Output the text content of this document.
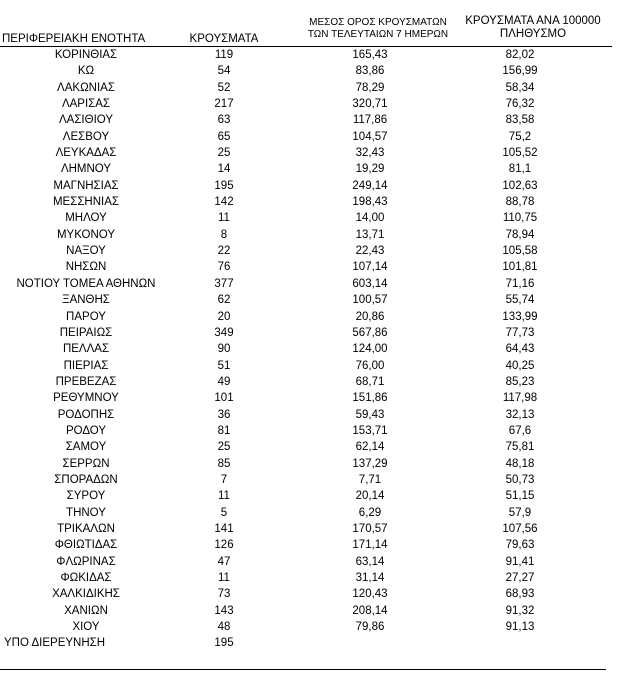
ΠΕΡΙΦΕΡΕΙΑΚΗ ΕΝΟΤΗΤΑ	ΚΡΟΥΣΜΑΤΑ
ΜΕΣΟΣ ΟΡΟΣ ΚΡΟΥΣΜΑΤΩΝ
ΤΩΝ ΤΕΛΕΥΤΑΙΩΝ 7 ΗΜΕΡΩΝ
ΚΡΟΥΣΜΑΤΑ ΑΝΑ 100000
ΠΛΗΘΥΣΜΟ
ΚΟΡΙΝΘΙΑΣ	119	165,43	82,02
ΚΩ	54	83,86	156,99
ΛΑΚΩΝΙΑΣ	52	78,29	58,34
ΛΑΡΙΣΑΣ	217	320,71	76,32
ΛΑΣΙΘΙΟΥ	63	117,86	83,58
ΛΕΣΒΟΥ	65	104,57	75,2
ΛΕΥΚΑΔΑΣ	25	32,43	105,52
ΛΗΜΝΟΥ	14	19,29	81,1
ΜΑΓΝΗΣΙΑΣ	195	249,14	102,63
ΜΕΣΣΗΝΙΑΣ	142	198,43	88,78
ΜΗΛΟΥ	11	14,00	110,75
ΜΥΚΟΝΟΥ	8	13,71	78,94
ΝΑΞΟΥ	22	22,43	105,58
ΝΗΣΩΝ	76	107,14	101,81
ΝΟΤΙΟΥ ΤΟΜΕΑ ΑΘΗΝΩΝ	377	603,14	71,16
ΞΑΝΘΗΣ	62	100,57	55,74
ΠΑΡΟΥ	20	20,86	133,99
ΠΕΙΡΑΙΩΣ	349	567,86	77,73
ΠΕΛΛΑΣ	90	124,00	64,43
ΠΙΕΡΙΑΣ	51	76,00	40,25
ΠΡΕΒΕΖΑΣ	49	68,71	85,23
ΡΕΘΥΜΝΟΥ	101	151,86	117,98
ΡΟΔΟΠΗΣ	36	59,43	32,13
ΡΟΔΟΥ	81	153,71	67,6
ΣΑΜΟΥ	25	62,14	75,81
ΣΕΡΡΩΝ	85	137,29	48,18
ΣΠΟΡΑΔΩΝ	7	7,71	50,73
ΣΥΡΟΥ	11	20,14	51,15
ΤΗΝΟΥ	5	6,29	57,9
ΤΡΙΚΑΛΩΝ	141	170,57	107,56
ΦΘΙΩΤΙΔΑΣ	126	171,14	79,63
ΦΛΩΡΙΝΑΣ	47	63,14	91,41
ΦΩΚΙΔΑΣ	11	31,14	27,27
ΧΑΛΚΙΔΙΚΗΣ	73	120,43	68,93
ΧΑΝΙΩΝ	143	208,14	91,32
ΧΙΟΥ	48	79,86	91,13
ΥΠΟ ΔΙΕΡΕΥΝΗΣΗ	195
